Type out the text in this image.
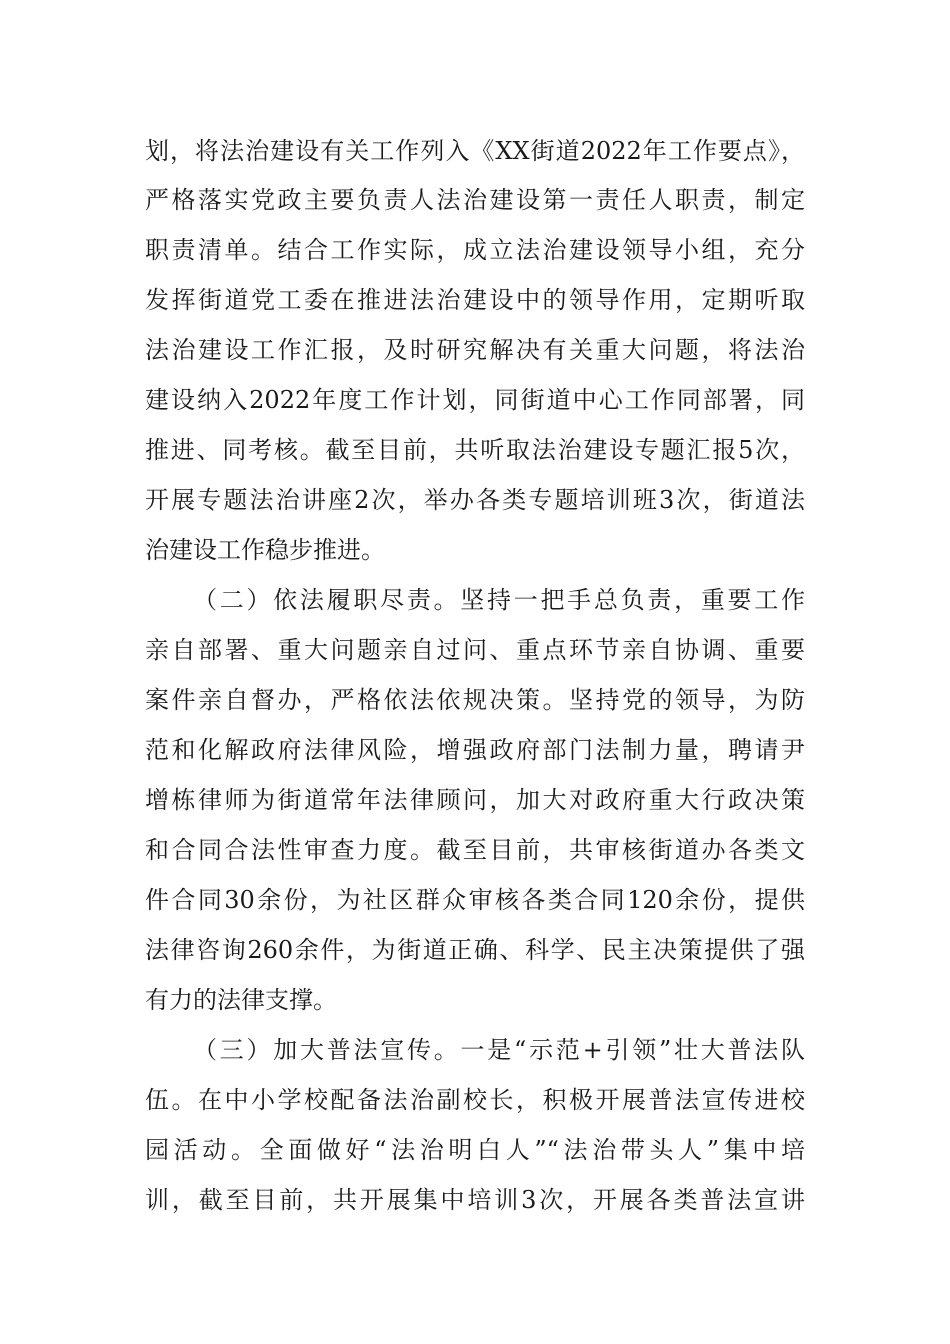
划，将法治建设有关工作列入《XX街道2022年工作要点》，
严格落实党政主要负责人法治建设第一责任人职责，制定
职责清单。结合工作实际，成立法治建设领导小组，充分
发挥街道党工委在推进法治建设中的领导作用，定期听取
法治建设工作汇报，及时研究解决有关重大问题，将法治
建设纳入2022年度工作计划，同街道中心工作同部署，同
推进、同考核。截至目前，共听取法治建设专题汇报5次，
开展专题法治讲座2次，举办各类专题培训班3次，街道法
治建设工作稳步推进。
（二）依法履职尽责。坚持一把手总负责，重要工作
亲自部署、重大问题亲自过问、重点环节亲自协调、重要
案件亲自督办，严格依法依规决策。坚持党的领导，为防
范和化解政府法律风险，增强政府部门法制力量，聘请尹
增栋律师为街道常年法律顾问，加大对政府重大行政决策
和合同合法性审查力度。截至目前，共审核街道办各类文
件合同30余份，为社区群众审核各类合同120余份，提供
法律咨询260余件，为街道正确、科学、民主决策提供了强
有力的法律支撑。
（三）加大普法宣传。一是“示范+引领”壮大普法队
伍。在中小学校配备法治副校长，积极开展普法宣传进校
园活动。全面做好“法治明白人”“法治带头人”集中培
训，截至目前，共开展集中培训3次，开展各类普法宣讲
